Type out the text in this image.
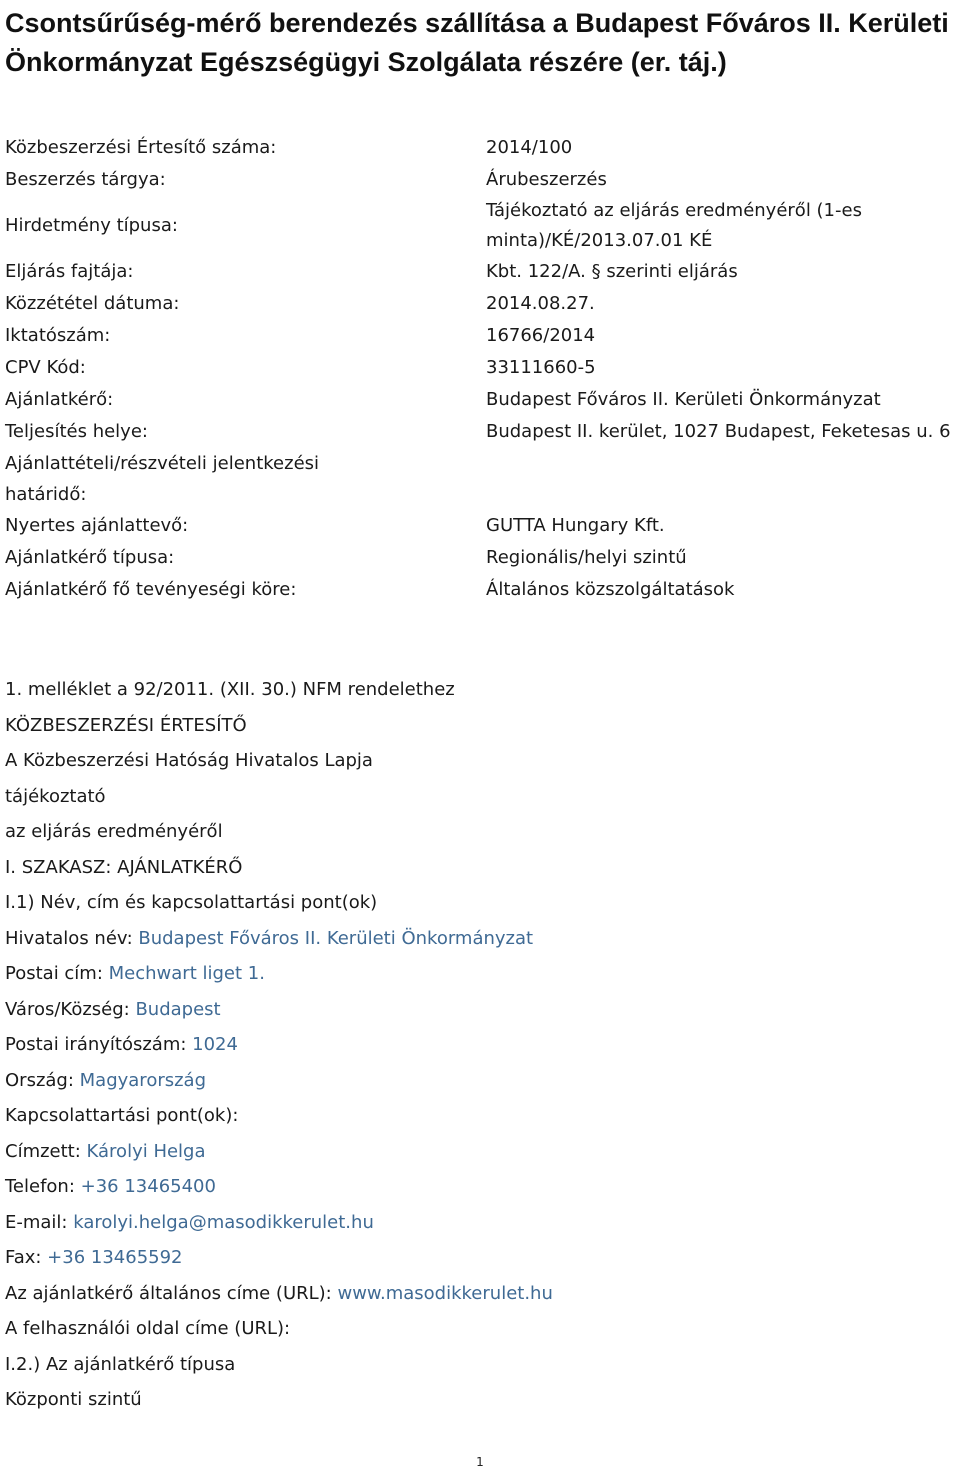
Csontsűrűség-mérő berendezés szállítása a Budapest Főváros II. Kerületi Önkormányzat Egészségügyi Szolgálata részére (er. táj.)
Közbeszerzési Értesítő száma:	2014/100
Beszerzés tárgya:	Árubeszerzés
Hirdetmény típusa:	Tájékoztató az eljárás eredményéről (1-es
minta)/KÉ/2013.07.01 KÉ

Eljárás fajtája:	Kbt. 122/A. § szerinti eljárás
Közzététel dátuma:	2014.08.27.
Iktatószám:	16766/2014
CPV Kód:	33111660-5
Ajánlatkérő:	Budapest Főváros II. Kerületi Önkormányzat
Teljesítés helye:	Budapest II. kerület, 1027 Budapest, Feketesas u. 6

Ajánlattételi/részvételi jelentkezési
határidő:	

Nyertes ajánlattevő:	GUTTA Hungary Kft.
Ajánlatkérő típusa:	Regionális/helyi szintű
Ajánlatkérő fő tevényeségi köre:	Általános közszolgáltatások
1. melléklet a 92/2011. (XII. 30.) NFM rendelethez
KÖZBESZERZÉSI ÉRTESÍTŐ
A Közbeszerzési Hatóság Hivatalos Lapja
tájékoztató
az eljárás eredményéről
I. SZAKASZ: AJÁNLATKÉRŐ
I.1) Név, cím és kapcsolattartási pont(ok)
Hivatalos név: Budapest Főváros II. Kerületi Önkormányzat
Postai cím: Mechwart liget 1.
Város/Község: Budapest
Postai irányítószám: 1024
Ország: Magyarország
Kapcsolattartási pont(ok):
Címzett: Károlyi Helga
Telefon: +36 13465400
E-mail: karolyi.helga@masodikkerulet.hu
Fax: +36 13465592
Az ajánlatkérő általános címe (URL): www.masodikkerulet.hu
A felhasználói oldal címe (URL):
I.2.) Az ajánlatkérő típusa
Központi szintű
1
